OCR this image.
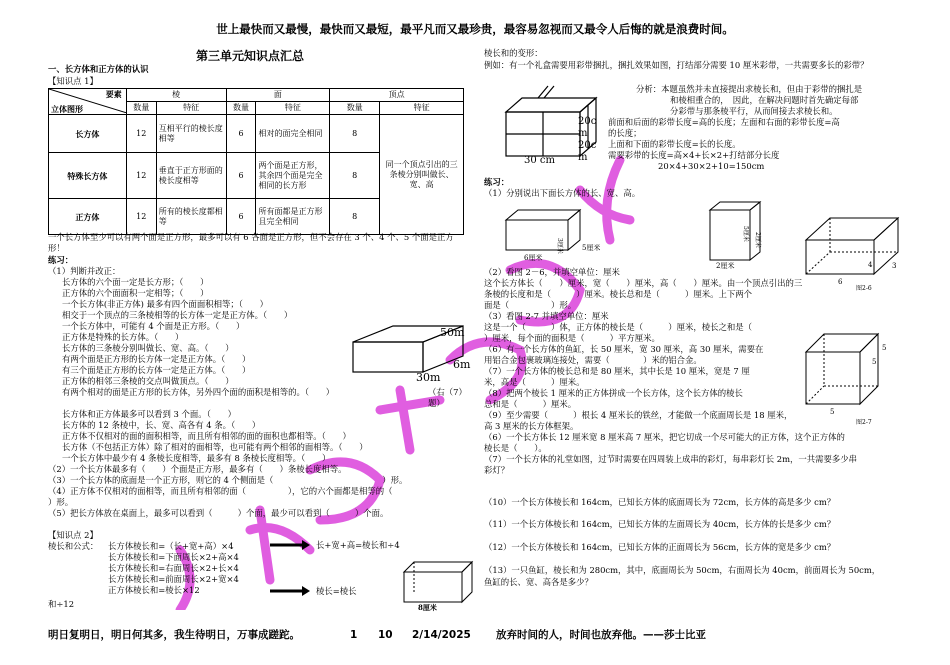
世上最快而又最慢，最快而又最短，最平凡而又最珍贵，最容易忽视而又最令人后悔的就是浪费时间。
第三单元知识点汇总
一、长方体和正方体的认识
【知识点 1】
要素
立体图形	棱		面		顶点	
	数量	特征	数量	特征	数量	特征
长方体	12	互相平行的棱长度相等	6	相对的面完全相同	8	同一个顶点引出的三条棱分别叫做长、宽、高
特殊长方体	12	垂直于正方形面的棱长度相等	6	两个面是正方形，其余四个面是完全相同的长方形	8	
正方体	12	所有的棱长度都相等	6	所有面都是正方形且完全相同	8	
一个长方体至少可以有两个面是正方形，最多可以有 6 各面是正方形，但不会存在 3 个、4 个、5 个面是正方形！
练习：
（1）判断并改正：
长方体的六个面一定是长方形；（　　）
正方体的六个面面积一定相等；（　　）
一个长方体(非正方体) 最多有四个面面积相等；（　　）
相交于一个顶点的三条棱相等的长方体一定是正方体。（　　）
一个长方体中，可能有 4 个面是正方形。（　　）
正方体是特殊的长方体。（　　）
长方体的三条棱分别叫做长、宽、高。（　　）
有两个面是正方形的长方体一定是正方体。（　　）
有三个面是正方形的长方体一定是正方体。（　　）
正方体的相邻三条棱的交点叫做顶点。（　　）
有两个相对的面是正方形的长方体，另外四个面的面积是相等的。（　　）	（右（7）题）
长方体和正方体最多可以看到 3 个面。（　　）
长方体的 12 条棱中，长、宽、高各有 4 条。（　　）
正方体不仅相对的面的面积相等，而且所有相邻的面的面积也都相等。（　　）
长方体（不包括正方体）除了相对的面相等，也可能有两个相邻的面相等。（　　）
一个长方体中最少有 4 条棱长度相等，最多有 8 条棱长度相等。（　　）
（2）一个长方体最多有（　　）个面是正方形，最多有（　　）条棱长度相等。
（3）一个长方体的底面是一个正方形，则它的 4 个侧面是（　　　　　　　　　　　　　）形。
（4）正方体不仅相对的面相等，而且所有相邻的面（　　　　　），它的六个面都是相等的（
）形。
（5）把长方体放在桌面上，最多可以看到（　　　）个面，最少可以看到（　　　）个面。
50m
6m
30m
【知识点 2】
棱长和公式： 长方体棱长和=（长+宽+高）×4
长方体棱长和=下面周长×2+高×4
长方体棱长和=右面周长×2+长×4
长方体棱长和=前面周长×2+宽×4
正方体棱长和=棱长×12
长+宽+高=棱长和÷4
棱长=棱长
和÷12	8厘米
棱长和的变形：
例如：有一个礼盒需要用彩带捆扎，捆扎效果如图，打结部分需要 10 厘米彩带，一共需要多长的彩带？
20c
m
20c
m
30 cm
分析：本题虽然并未直接提出求棱长和，但由于彩带的捆扎是
和棱相重合的，　因此，在解决问题时首先确定每部
分彩带与那条棱平行，从而间接去求棱长和。
前面和后面的彩带长度=高的长度；左面和右面的彩带长度=高
的长度；
上面和下面的彩带长度=长的长度。
需要彩带的长度=高×4+长×2+打结部分长度
20×4+30×2+10=150cm
练习：
（1）分别说出下面长方体的长、宽、高。
5厘米
3厘米
6厘米
5厘米 2厘米
2厘米	4	3
6
图2-6
5
5
5
图2-7
（2）看图 2－6，并填空单位：厘米
这个长方体长（　　）厘米，宽（　　）厘米，高（　　）厘米。由一个顶点引出的三
条棱的长度和是（　　　）厘米。棱长总和是（　　　）厘米。上下两个
面是（　　　　　）形。
（3）看图 2-7 并填空单位：厘米
这是一个（　　　）体，正方体的棱长是（　　　）厘米，棱长之和是（
）厘米，每个面的面积是（　　　）平方厘米。
（6）有一个长方体的鱼缸，长 50 厘米，宽 30 厘米，高 30 厘米，需要在
用铝合金包裹玻璃连接处，需要（　　　　）米的铝合金。
（7）一个长方体的棱长总和是 80 厘米，其中长是 10 厘米，宽是 7 厘
米，高是（　　　）厘米。
（8）把两个棱长 1 厘米的正方体拼成一个长方体，这个长方体的棱长
总和是（　　　）厘米。
（9）至少需要（　　　）根长 4 厘米长的铁丝，才能做一个底面周长是 18 厘米，
高 3 厘米的长方体框架。
（6）一个长方体长 12 厘米宽 8 厘米高 7 厘米，把它切成一个尽可能大的正方体，这个正方体的
棱长是（　　）。
（7）一个长方体的礼堂如图，过节时需要在四周装上成串的彩灯，每串彩灯长 2m，一共需要多少串
彩灯？
（10）一个长方体棱长和 164cm，已知长方体的底面周长为 72cm，长方体的高是多少 cm？
（11）一个长方体棱长和 164cm，已知长方体的左面周长为 40cm，长方体的长是多少 cm？
（12）一个长方体棱长和 164cm，已知长方体的正面周长为 56cm，长方体的宽是多少 cm？
（13）一只鱼缸，棱长和为 280cm，其中，底面周长为 50cm，右面周长为 40cm，前面周长为 50cm，
鱼缸的长、宽、高各是多少？
明日复明日，明日何其多，我生待明日，万事成蹉跎。	1 10 2/14/2025 放弃时间的人，时间也放弃他。——莎士比亚
